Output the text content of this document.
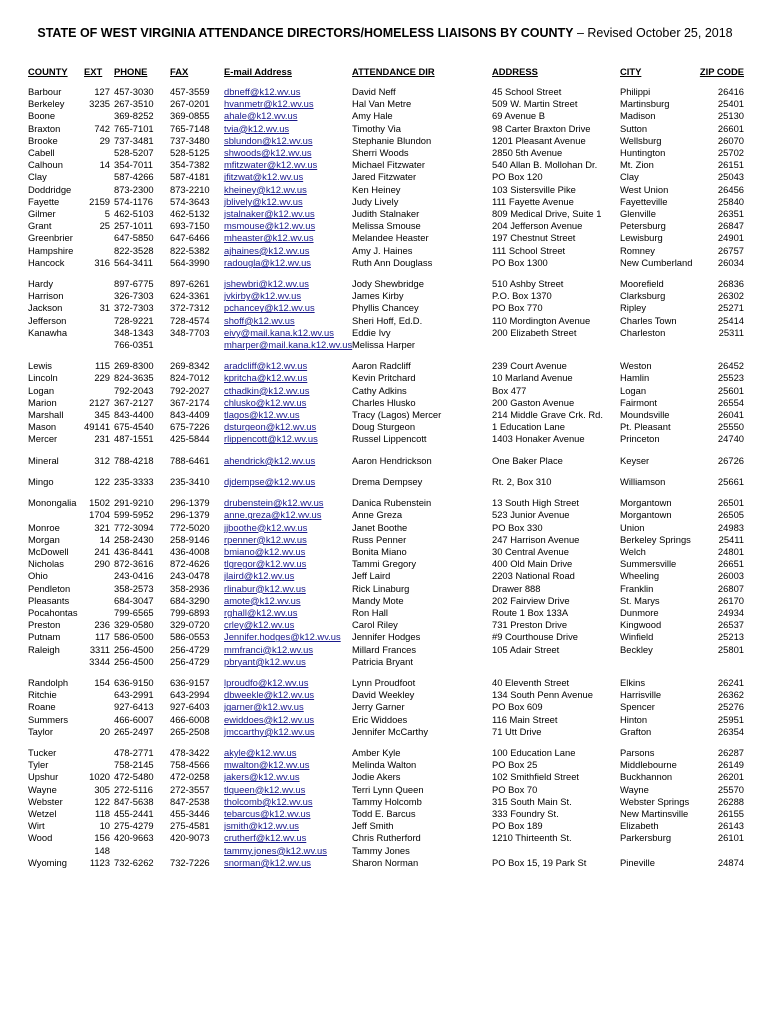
STATE OF WEST VIRGINIA ATTENDANCE DIRECTORS/HOMELESS LIAISONS BY COUNTY – Revised October 25, 2018
COUNTY	EXT	PHONE	FAX	E-mail Address	ATTENDANCE DIR	ADDRESS	CITY	ZIP CODE
Barbour	127	457-3030	457-3559	dbneff@k12.wv.us	David Neff	45 School Street	Philippi	26416
Berkeley	3235	267-3510	267-0201	hvanmetr@k12.wv.us	Hal Van Metre	509 W. Martin Street	Martinsburg	25401
Boone		369-8252	369-0855	ahale@k12.wv.us	Amy Hale	69 Avenue B	Madison	25130
Braxton	742	765-7101	765-7148	tvia@k12.wv.us	Timothy Via	98 Carter Braxton Drive	Sutton	26601
Brooke	29	737-3481	737-3480	sblundon@k12.wv.us	Stephanie Blundon	1201 Pleasant Avenue	Wellsburg	26070
Cabell		528-5207	528-5125	shwoods@k12.wv.us	Sherri Woods	2850 5th Avenue	Huntington	25702
Calhoun	14	354-7011	354-7382	mfitzwater@k12.wv.us	Michael Fitzwater	540 Allan B. Mollohan Dr.	Mt. Zion	26151
Clay		587-4266	587-4181	jfitzwat@k12.wv.us	Jared Fitzwater	PO Box 120	Clay	25043
Doddridge		873-2300	873-2210	kheiney@k12.wv.us	Ken Heiney	103 Sistersville Pike	West Union	26456
Fayette	2159	574-1176	574-3643	jblively@k12.wv.us	Judy Lively	111 Fayette Avenue	Fayetteville	25840
Gilmer	5	462-5103	462-5132	jstalnaker@k12.wv.us	Judith Stalnaker	809 Medical Drive, Suite 1	Glenville	26351
Grant	25	257-1011	693-7150	msmouse@k12.wv.us	Melissa Smouse	204 Jefferson Avenue	Petersburg	26847
Greenbrier		647-5850	647-6466	mheaster@k12.wv.us	Melandee Heaster	197 Chestnut Street	Lewisburg	24901
Hampshire		822-3528	822-5382	ajhaines@k12.wv.us	Amy J. Haines	111 School Street	Romney	26757
Hancock	316	564-3411	564-3990	radougla@k12.wv.us	Ruth Ann Douglass	PO Box 1300	New Cumberland	26034

Hardy		897-6775	897-6261	jshewbri@k12.wv.us	Jody Shewbridge	510 Ashby Street	Moorefield	26836
Harrison		326-7303	624-3361	jvkirby@k12.wv.us	James Kirby	P.O. Box 1370	Clarksburg	26302
Jackson	31	372-7303	372-7312	pchancey@k12.wv.us	Phyllis Chancey	PO Box 770	Ripley	25271
Jefferson		728-9221	728-4574	shoff@k12.wv.us	Sheri Hoff, Ed.D.	110 Mordington Avenue	Charles Town	25414
Kanawha		348-1343	348-7703	eivy@mail.kana.k12.wv.us	Eddie Ivy	200 Elizabeth Street	Charleston	25311
		766-0351		mharper@mail.kana.k12.wv.us	Melissa Harper			

Lewis	115	269-8300	269-8342	aradcliff@k12.wv.us	Aaron Radcliff	239 Court Avenue	Weston	26452
Lincoln	229	824-3635	824-7012	kpritcha@k12.wv.us	Kevin Pritchard	10 Marland Avenue	Hamlin	25523
Logan		792-2043	792-2027	cthadkin@k12.wv.us	Cathy Adkins	Box 477	Logan	25601
Marion	2127	367-2127	367-2174	chlusko@k12.wv.us	Charles Hlusko	200 Gaston Avenue	Fairmont	26554
Marshall	345	843-4400	843-4409	tlagos@k12.wv.us	Tracy (Lagos) Mercer	214 Middle Grave Crk. Rd.	Moundsville	26041
Mason	49141	675-4540	675-7226	dsturgeon@k12.wv.us	Doug Sturgeon	1 Education Lane	Pt. Pleasant	25550
Mercer	231	487-1551	425-5844	rlippencott@k12.wv.us	Russel Lippencott	1403 Honaker Avenue	Princeton	24740

Mineral	312	788-4218	788-6461	ahendrick@k12.wv.us	Aaron Hendrickson	One Baker Place	Keyser	26726

Mingo	122	235-3333	235-3410	djdempse@k12.wv.us	Drema Dempsey	Rt. 2, Box 310	Williamson	25661

Monongalia	1502	291-9210	296-1379	drubenstein@k12.wv.us	Danica Rubenstein	13 South High Street	Morgantown	26501
	1704	599-5952	296-1379	anne.greza@k12.wv.us	Anne Greza	523 Junior Avenue	Morgantown	26505
Monroe	321	772-3094	772-5020	jjboothe@k12.wv.us	Janet Boothe	PO Box 330	Union	24983
Morgan	14	258-2430	258-9146	rpenner@k12.wv.us	Russ Penner	247 Harrison Avenue	Berkeley Springs	25411
McDowell	241	436-8441	436-4008	bmiano@k12.wv.us	Bonita Miano	30 Central Avenue	Welch	24801
Nicholas	290	872-3616	872-4626	tlgregor@k12.wv.us	Tammi Gregory	400 Old Main Drive	Summersville	26651
Ohio		243-0416	243-0478	jlaird@k12.wv.us	Jeff Laird	2203 National Road	Wheeling	26003
Pendleton		358-2573	358-2936	rlinabur@k12.wv.us	Rick Linaburg	Drawer 888	Franklin	26807
Pleasants		684-3047	684-3290	amote@k12.wv.us	Mandy Mote	202 Fairview Drive	St. Marys	26170
Pocahontas		799-6565	799-6893	rghall@k12.wv.us	Ron Hall	Route 1 Box 133A	Dunmore	24934
Preston	236	329-0580	329-0720	crley@k12.wv.us	Carol Riley	731 Preston Drive	Kingwood	26537
Putnam	117	586-0500	586-0553	Jennifer.hodges@k12.wv.us	Jennifer Hodges	#9 Courthouse Drive	Winfield	25213
Raleigh	3311	256-4500	256-4729	mmfranci@k12.wv.us	Millard Frances	105 Adair Street	Beckley	25801
	3344	256-4500	256-4729	pbryant@k12.wv.us	Patricia Bryant			

Randolph	154	636-9150	636-9157	lproudfo@k12.wv.us	Lynn Proudfoot	40 Eleventh Street	Elkins	26241
Ritchie		643-2991	643-2994	dbweekle@k12.wv.us	David Weekley	134 South Penn Avenue	Harrisville	26362
Roane		927-6413	927-6403	jgarner@k12.wv.us	Jerry Garner	PO Box 609	Spencer	25276
Summers		466-6007	466-6008	ewiddoes@k12.wv.us	Eric Widdoes	116 Main Street	Hinton	25951
Taylor	20	265-2497	265-2508	jmccarthy@k12.wv.us	Jennifer McCarthy	71 Utt Drive	Grafton	26354

Tucker		478-2771	478-3422	akyle@k12.wv.us	Amber Kyle	100 Education Lane	Parsons	26287
Tyler		758-2145	758-4566	mwalton@k12.wv.us	Melinda Walton	PO Box 25	Middlebourne	26149
Upshur	1020	472-5480	472-0258	jakers@k12.wv.us	Jodie Akers	102 Smithfield Street	Buckhannon	26201
Wayne	305	272-5116	272-3557	tlqueen@k12.wv.us	Terri Lynn Queen	PO Box 70	Wayne	25570
Webster	122	847-5638	847-2538	tholcomb@k12.wv.us	Tammy Holcomb	315 South Main St.	Webster Springs	26288
Wetzel	118	455-2441	455-3446	tebarcus@k12.wv.us	Todd E. Barcus	333 Foundry St.	New Martinsville	26155
Wirt	10	275-4279	275-4581	jsmith@k12.wv.us	Jeff Smith	PO Box 189	Elizabeth	26143
Wood	156	420-9663	420-9073	crutherf@k12.wv.us	Chris Rutherford	1210 Thirteenth St.	Parkersburg	26101
	148			tammy.jones@k12.wv.us	Tammy Jones			
Wyoming	1123	732-6262	732-7226	snorman@k12.wv.us	Sharon Norman	PO Box 15, 19 Park St	Pineville	24874
